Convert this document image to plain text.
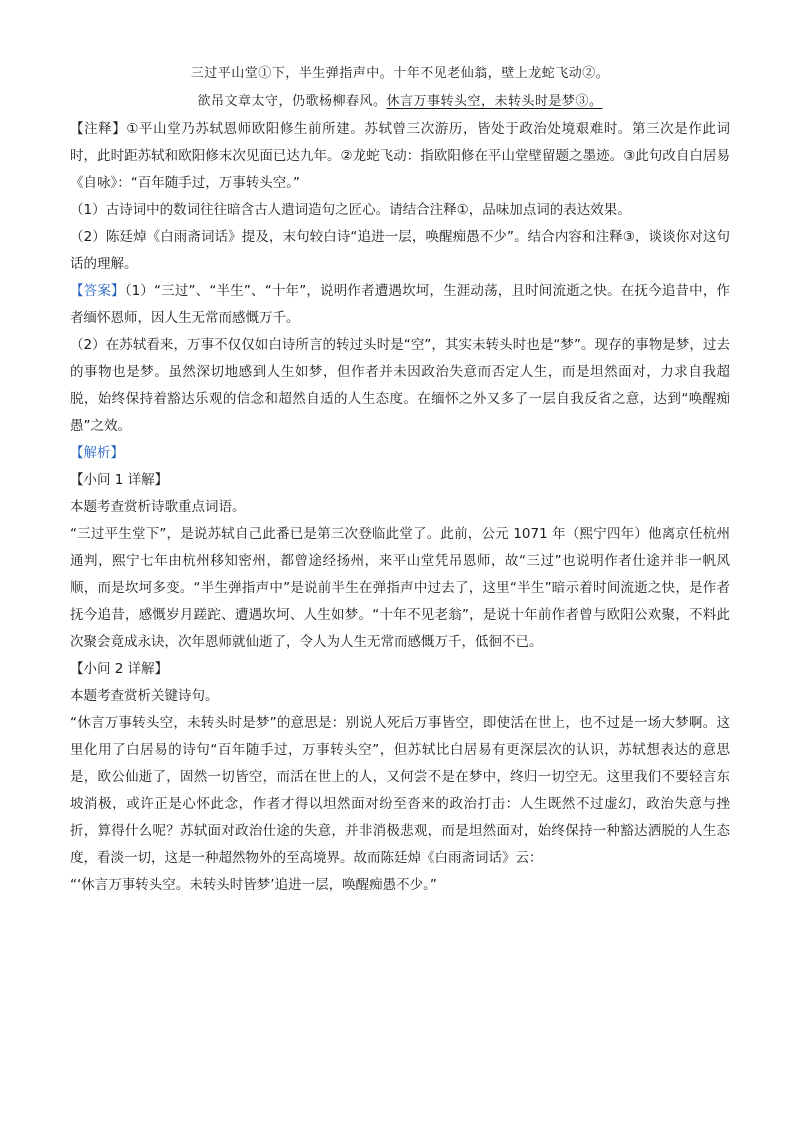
三过平山堂①下，半生弹指声中。十年不见老仙翁，壁上龙蛇飞动②。
欲吊文章太守，仍歌杨柳春风。休言万事转头空，未转头时是梦③。

【注释】①平山堂乃苏轼恩师欧阳修生前所建。苏轼曾三次游历，皆处于政治处境艰难时。第三次是作此词时，此时距苏轼和欧阳修末次见面已达九年。②龙蛇飞动：指欧阳修在平山堂壁留题之墨迹。③此句改自白居易《自咏》：“百年随手过，万事转头空。”

（1）古诗词中的数词往往暗含古人遣词造句之匠心。请结合注释①，品味加点词的表达效果。

（2）陈廷焯《白雨斋词话》提及，末句较白诗“追进一层，唤醒痴愚不少”。结合内容和注释③，谈谈你对这句话的理解。

【答案】（1）“三过”、“半生”、“十年”，说明作者遭遇坎坷，生涯动荡，且时间流逝之快。在抚今追昔中，作者缅怀恩师，因人生无常而感慨万千。

（2）在苏轼看来，万事不仅仅如白诗所言的转过头时是“空”，其实未转头时也是“梦”。现存的事物是梦，过去的事物也是梦。虽然深切地感到人生如梦，但作者并未因政治失意而否定人生，而是坦然面对，力求自我超脱，始终保持着豁达乐观的信念和超然自适的人生态度。在缅怀之外又多了一层自我反省之意，达到“唤醒痴愚”之效。

【解析】

【小问 1 详解】

本题考查赏析诗歌重点词语。

“三过平生堂下”，是说苏轼自己此番已是第三次登临此堂了。此前，公元 1071 年（熙宁四年）他离京任杭州通判，熙宁七年由杭州移知密州，都曾途经扬州，来平山堂凭吊恩师，故“三过”也说明作者仕途并非一帆风顺，而是坎坷多变。“半生弹指声中”是说前半生在弹指声中过去了，这里“半生”暗示着时间流逝之快，是作者抚今追昔，感慨岁月蹉跎、遭遇坎坷、人生如梦。“十年不见老翁”，是说十年前作者曾与欧阳公欢聚，不料此次聚会竟成永诀，次年恩师就仙逝了，令人为人生无常而感慨万千，低徊不已。

【小问 2 详解】

本题考查赏析关键诗句。

“休言万事转头空，未转头时是梦”的意思是：别说人死后万事皆空，即使活在世上，也不过是一场大梦啊。这里化用了白居易的诗句“百年随手过，万事转头空”，但苏轼比白居易有更深层次的认识，苏轼想表达的意思是，欧公仙逝了，固然一切皆空，而活在世上的人，又何尝不是在梦中，终归一切空无。这里我们不要轻言东坡消极，或许正是心怀此念，作者才得以坦然面对纷至沓来的政治打击：人生既然不过虚幻，政治失意与挫折，算得什么呢？苏轼面对政治仕途的失意，并非消极悲观，而是坦然面对，始终保持一种豁达洒脱的人生态度，看淡一切，这是一种超然物外的至高境界。故而陈廷焯《白雨斋词话》云：

“‘休言万事转头空。未转头时皆梦’追进一层，唤醒痴愚不少。”
